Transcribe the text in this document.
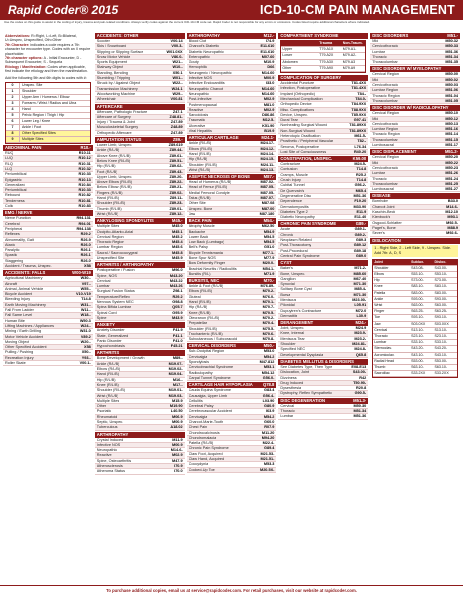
Rapid Coder® 2015	ICD-10-CM PAIN MANAGEMENT
Use the codes on this guide to assist in the coding of injury, trauma and pain-related conditions. Always verify codes against the current ICD-10-CM code set. Rapid Coder is not responsible for any errors or omissions. Codes listed require additional characters where indicated.
Abbreviations: R=Right, L=Left, B=Bilateral, U=Unspec, Unspecified, Oth=Other
7th Character: indicates a code requires a 7th character for encounter type. Codes with an X require placeholder.
7th character options: A - Initial Encounter, D - Subsequent Encounter, S - Sequela
Etiology / Manifestation: Codes when applicable, first indicate the etiology and then the manifestation.
Add the following 5th and 6th digits to codes with #:
0	Unspec. Site
1	Shoulder
2	Upper Arm / Humerus / Elbow
3	Forearm / Wrist / Radius and Ulna
4	Hand
5	Pelvic Region / Thigh / Hip
6	Lower Leg / Knee
7	Ankle / Foot
8	Other Specified Sites
9	Multiple Sites
ABDOMINAL PAIN	R10.-
RUQ	R10.11
LUQ	R10.12
RLQ	R10.31
LLQ	R10.32
Periumbilical	R10.33
Epigastric	R10.13
Generalized	R10.84
Periumbilical	R10.33
Rebound	R10.82
Tenderness	R10.81
Colic	R10.83
EMG / NERVE
Nerve Function	R94.131
Cerebral	R94.01
Peripheral	R94.138
Reflexes	R29.2
Abnormality, Gait	R26.9
Ataxic	R26.0
Paralytic	R26.1
Spastic	R26.1
Staggering	R26.0
Accident / Trauma, Unspec.	X58
ACCIDENTS: FALLS	W00-W19
Agricultural Machinery	W30.-
Aircraft	V97.-
Animal, Animal Vehicle	W55.-
Bicycle Accident	V10-V19
Bleeding Injury	T14.8
Earth Moving Machinery	W31.-
Fall From Ladder	W11.-
Fall Same Level	W18.-
Human Bite	W50.3
Lifting Machines / Appliances	W24.-
Mining / Earth Drilling	W31.0
Motor Vehicle Accident	V89.2
Moving Object	W20.-
Other Specified Accident	X58
Pulling / Pushing	X50.-
Recreation Injury	Y93.-
Roller Skate	V00.1-
ACCIDENTS: OTHER
Scooter	V00.14
Skis / Snowboard	V00.3-
Slipping or Slipping Surface	W01.0XX
Snow Motor Vehicle	V86.0-
Sports Equipment	W21.-
Stairway Object	W10.-
Standing, Bending	X50.1
Stumbling / Tripping	W01.-
Struck by / Against Object	W22.-
Transmission Machinery	W24.1
Woodworking Machine	W29.-
Wheelchair	V00.81
AFTERCARE
Aftercare, Pathologic Fracture	Z47.1
Aftercare of Surgery	Z48.81-
Injury / Trauma & Joint	Z47.89
Musculoskeletal Surgery	Z48.89
Orthopedic Aftercare	Z47.89
AMPUTATION STATUS	Z89.-
Lower Limb, Unspec.	Z89.619
Ankle (R/L/B)	Z89.44-
Above Knee (R/L/B)	Z89.61-
Below Knee (R/L/B)	Z89.51-
Hip (R/L/B)	Z89.62-
Foot (R/L/B)	Z89.43-
Upper Limb, Unspec.	Z89.20-
Above Elbow (R/L/B)	Z89.22-
Below Elbow (R/L/B)	Z89.21-
Fingers (R/L/B)	Z89.02-
Hand (R/L/B)	Z89.11-
Shoulder (R/L/B)	Z89.23-
Thumb (R/L/B)	Z89.01-
Wrist (R/L/B)	Z89.12-
ANKYLOSING SPONDYLITIS	M45.-
Multiple Sites	M45.0
Occipito-Atlanto-Axial	M45.1
Cervical Region	M45.2
Thoracic Region	M45.4
Lumbar Region	M45.6
Sacral / Sacrococcygeal	M45.8
Unspecified Site	M45.9
ARTHRITIS / ARTHROPATHY
Postoperative / Fusion	M96.0
Spine, NOS	M43.20
Cervical	M43.22
Lumbar	M43.26
Surgical Fusion Status	Z98.1
Temperature/Reflex	R29.2
Nervous System NEC	G98.8
Spina Bifida Lumbar	Q05.7
Spinal Cord	G95.9
Spine	M43.9
ANXIETY
Anxiety Disorder	F41.9
State, Generalized	F41.1
Panic Disorder	F41.0
Hypochondriasis	F45.21
ARTHRITIS
Bone Development / Growth	M89.-
Ankle (R/L/B)	M19.07-
Elbow (R/L/B)	M19.02-
Hand (R/L/B)	M19.04-
Hip (R/L/B)	M16.-
Knee (R/L/B)	M17.-
Shoulder (R/L/B)	M19.01-
Wrist (R/L/B)	M19.03-
Multiple Sites	M15.9
Other	M19.90
Psoriatic	L40.50
Rheumatoid	M06.9
Septic, Unspec.	M00.9
Tuberculous	A18.02
ARTHROPATHY
Crystal Induced	M11.9
Infective NOS	M00.9
Neuropathic	M14.6-
Reactive	M02.9
Spine, Osteoarthritis	M47.9
Atherosclerosis	I70.9
Atheroma Status	I70.0
ARTHROPATHY	M12.-
Blood Clot	I74.9
Charcot's Diabetic	E11.610
Diabetic Neuropathic	E11.610
Enteropathic	M07.60
Gouty	M10.9
Hemophilic	D66
Neurogenic / Neuropathic	M14.60
Infective NOS	M00.9
Infective Endocarditis	I33.0
Neuropathic Charcot	M14.60
Neuropathic	M14.60
Post-Infective	M02.9
Postmenopausal	M81.0
Reactive	M02.9
Sarcoidosis	D86.86
Traumatic	M12.5-
Ulcerative	K51.90
Viral Hepatitis	B19.9
ARTICULAR CARTILAGE	M24.1-
Ankle (R/L/B)	M24.17-
Elbow (R/L/B)	M24.12-
Hand (R/L/B)	M24.14-
Hip (R/L/B)	M24.15-
Shoulder (R/L/B)	M24.11-
Wrist (R/L/B)	M24.13-
ASEPTIC NECROSIS OF BONE	M87.-
Head of Humerus (R/L/B)	M87.02-
Head of Femur (R/L/B)	M87.05-
Medial Femoral Condyle	M87.05-
Talus (R/L/B)	M87.07-
Other Site	M87.08
Unspec. Bone	M87.00
Jaw	M87.180
BACK PAIN	M54.-
Atrophy Muscle	M62.50
Backache	M54.9
Lower Back	M54.5
Low Back (Lumbago)	M54.5
Bell's Palsy	G51.0
Bicycle Tennismania	M77.1-
Bone Spur NOS	M77.9
Bow Deformity Finger	M20.0-
Brachial Neuritis / Radiculitis	M54.1-
Bursitis (R/L)	M71.9
BURSITIS, NEC	M70.-
Ankle & Foot (R/L/B)	M76.89-
Elbow (R/L/B)	M70.2-
Gluteal	M76.0-
Hand (R/L/B)	M70.1-
Hip (R/L/B)	M70.7-
Knee (R/L/B)	M70.5-
Olecranon (R/L/B)	M70.2-
Prepatellar	M70.4-
Shoulder (R/L/B)	M75.5-
Trochanteric (R/L/B)	M70.6-
Subcutaneous / Subcoracoid	M70.8-
CERVICAL DISORDERS	M50.-
Sub-Occipital Region	M53.0
Cervicalgia	M54.2
Spondylosis	M47.812
Cervicobrachial Syndrome	M53.1
Radiculopathy	M54.12
Carpal Tunnel Syndrome	G56.0-
CARTILAGE HAIR HYPOPLASIA Q78.8
Cauda Equina Syndrome	G83.4
Causalgia, Upper Limb	G56.4-
Cellulitis	L03.90
Cerebral Palsy	G80.9
Cerebrovascular Accident	I63.9
Cervicalgia	M54.2
Charcot-Marie-Tooth	G60.0
Chest Pain	R07.9
Chondrocalcinosis	M11.20
Chondromalacia	M94.20
Patella (R/L/B)	M22.4-
Chronic Pain Syndrome	G89.4
Claw Foot, Acquired	M21.53-
Claw Hand, Acquired	M21.51-
Coccydynia	M53.3
Cocked-Up Toe	M20.5X-
COMPARTMENT SYNDROME
Trauma	Non-Traum.
Upper	T79.A1X	M79.A1-
Lower	T79.A2X	M79.A2-
Abdomen	T79.A3X	M79.A3
Other	T79.A9X	M79.A9
COMPLICATION OF SURGERY
Accidental Puncture	T81.4XX
Infection, Postoperative	T81.4XX
Implant (Orthopedic)	T84.-
Mechanical Complication	T84.0-
Orthopedic Device	T84.9XX
Misc. Complications	T88.9XX
Device, Unspec.	T85.9XX
Dural Tear	G97.41
Nonhealing Surgical Wound	T81.89XX
Non-Surgical Wound	T81.89XX
Heterotopic Ossification	M61.5-
Prosthetic / Peripheral Vascular	T82.-
Seroma, Postoperative	L76.34
Lost Site of Consciousness	R40.20
CONSTIPATION, UNSPEC.	K59.00
Contracture	M24.5-
Contusion	T14.8
Cramps, Muscle	R25.2
Crush Injury	T14.8
Cubital Tunnel	G56.2-
De Quervain's	M65.4
Degenerative Disc	M51.36
Dependence	F19.20
Dermatomyositis	M33.90
Diabetes Type 2	E11.9
Diabetic Neuropathy	E11.40
CHRONIC PAIN SYNDROME	G89.-
Acute	G89.1-
Chronic	G89.2-
Neoplasm Related	G89.3
Post-Thoracotomy	G89.12
Post-Procedural	G89.18
Central Pain Syndrome	G89.0
CYST
Baker's	M71.2-
Bone, Unspec.	M85.60
Ganglion	M67.40
Synovial	M71.30
Solitary Bone Cyst	M85.4-
Bursa	M71.30
Meniscus	M23.00-
Pilonidal	L05.91
Dupuytren's Contracture	M72.0
Dermatitis	L30.9
DERANGEMENT	M24.-
Joint, Unspec.	M24.9
Knee, Internal	M23.9-
Meniscus Tear	M23.2-
Shoulder	M24.81-
Specified NEC	M24.8-
Developmental Dysplasia	Q65.8
DIABETES MELLITUS & DISORDERS
See Diabetes Type, Then Type	E08-E13
Dislocation, Joint	S43.00-
Dizziness	R42
Drug Induced	T50.90-
Dysesthesia	R20.8
Dystrophy, Reflex Sympathetic	G90.5-
DISC DEGENERATION	M51.3-
Cervical	M50.30
Thoracic	M51.34
Lumbar	M51.36
DISC DISORDERS	M51.-
Mid	M50.32
Cervicothoracic	M50.33
Lumbar	M51.36
Thoracic	M51.34
Thoracolumbar	M51.35
DISC DISORDER W/ MYELOPATHY
Cervical Region	M50.00
Mid	M50.02
Cervicothoracic	M50.03
Lumbar Region	M51.06
Thoracic Region	M51.04
Thoracolumbar	M51.05
DISC DISORDER W/ RADICULOPATHY
Cervical Region	M50.10
Mid	M50.12
Cervicothoracic	M50.13
Lumbar Region	M51.16
Thoracic Region	M51.14
Thoracolumbar	M51.15
Lumbosacral	M51.17
DISC DISPLACEMENT	M51.2-
Cervical Region	M50.20
Mid	M50.22
Cervicothoracic	M50.23
Lumbar	M51.26
Thoracic	M51.24
Thoracolumbar	M51.25
Lumbosacral	M51.27
DISEASE
Bornholm	B33.0
Charcot Joint	M14.6-
Kaschin-Beck	M12.10
Kienbock's	M93.1
Osgood-Schlatter	M92.5-
Paget's, Bone	M88.9
Sever's	M92.6-
DISLOCATION
1 - Right Side, 2 - Left Side, 9 - Unspec. Side. Add 7th: A, D, S
Joint	Sublux.	Disloc.
Shoulder	S43.08-	S43.00-
Elbow	S53.10-	S53.10-
Hip	S73.00-	S73.00-
Knee	S83.10-	S83.10-
Patella	S83.00-	S83.00-
Ankle	S93.00-	S93.00-
Wrist	S63.00-	S63.00-
Finger	S63.25-	S63.25-
Toe	S93.10-	S93.10-
Jaw	S03.0XX	S03.0XX
Cervical	S13.10-	S13.10-
Thoracic	S23.10-	S23.10-
Lumbar	S33.10-	S33.10-
Sternoclav.	S43.20-	S43.20-
Acromioclav.	S43.10-	S43.10-
Radial Head	S53.00-	S53.00-
Thumb	S63.10-	S63.10-
Sacroiliac	S33.2XX	S33.2XX
To purchase additional copies, email us at service@rapidcoder.com. For retail purchases, visit our website at rapidcoder.com.
